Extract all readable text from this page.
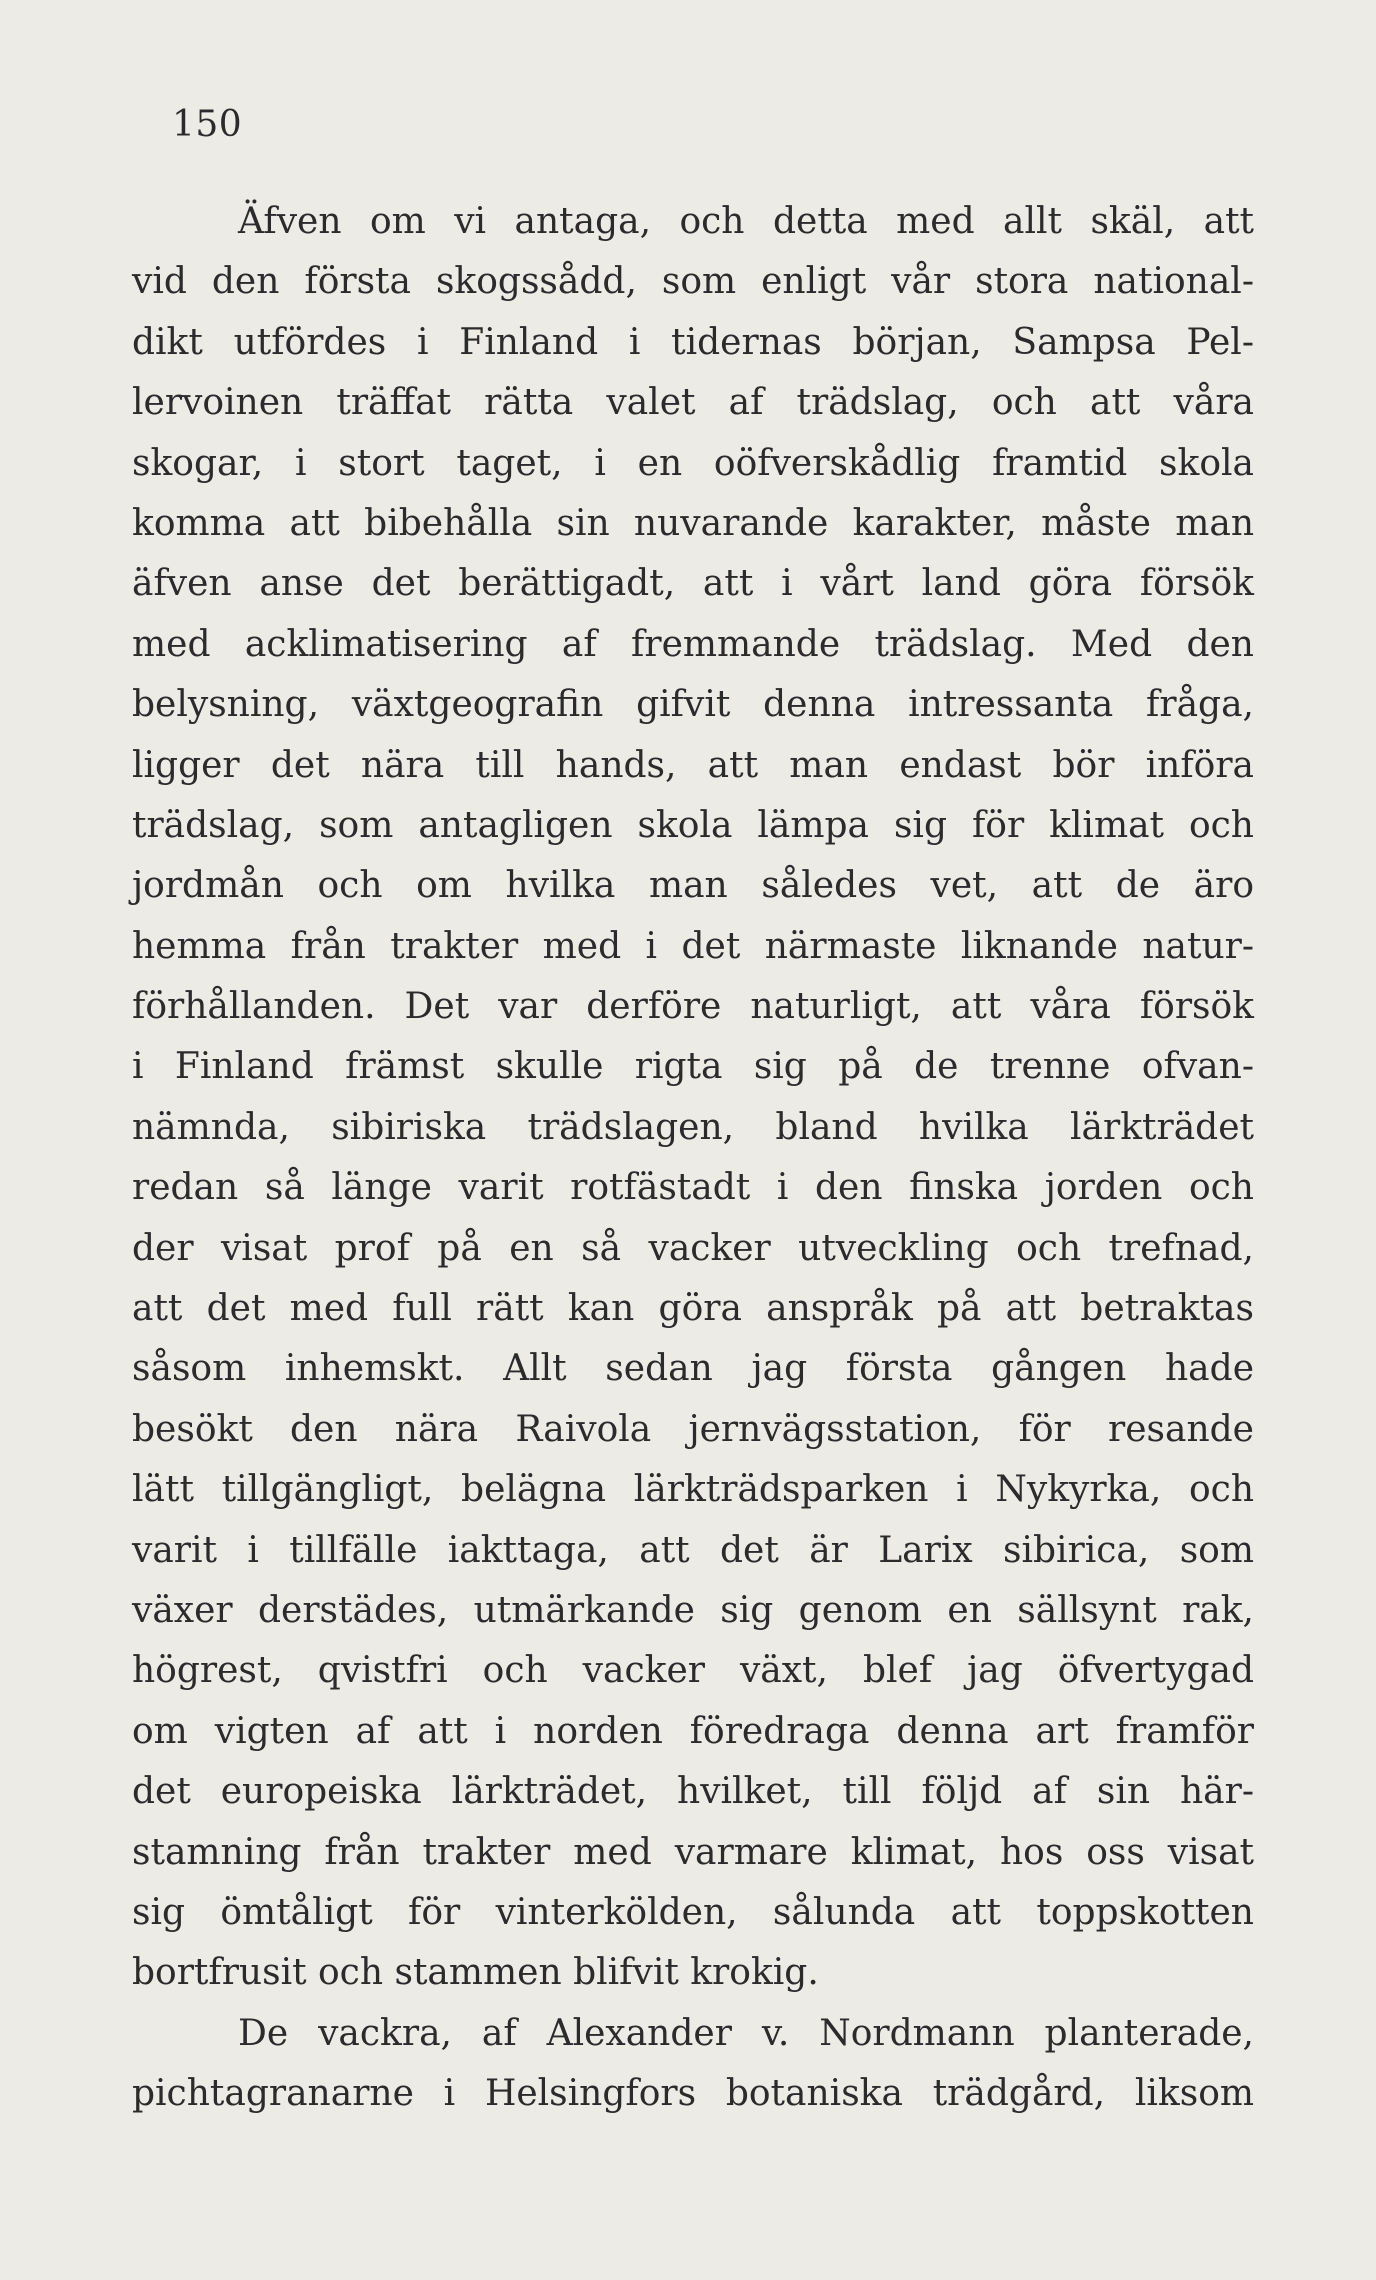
150
Äfven om vi antaga, och detta med allt skäl, att
vid den första skogssådd, som enligt vår stora national-
dikt utfördes i Finland i tidernas början, Sampsa Pel-
lervoinen träffat rätta valet af trädslag, och att våra
skogar, i stort taget, i en oöfverskådlig framtid skola
komma att bibehålla sin nuvarande karakter, måste man
äfven anse det berättigadt, att i vårt land göra försök
med acklimatisering af fremmande trädslag. Med den
belysning, växtgeografin gifvit denna intressanta fråga,
ligger det nära till hands, att man endast bör införa
trädslag, som antagligen skola lämpa sig för klimat och
jordmån och om hvilka man således vet, att de äro
hemma från trakter med i det närmaste liknande natur-
förhållanden. Det var derföre naturligt, att våra försök
i Finland främst skulle rigta sig på de trenne ofvan-
nämnda, sibiriska trädslagen, bland hvilka lärkträdet
redan så länge varit rotfästadt i den finska jorden och
der visat prof på en så vacker utveckling och trefnad,
att det med full rätt kan göra anspråk på att betraktas
såsom inhemskt. Allt sedan jag första gången hade
besökt den nära Raivola jernvägsstation, för resande
lätt tillgängligt, belägna lärkträdsparken i Nykyrka, och
varit i tillfälle iakttaga, att det är Larix sibirica, som
växer derstädes, utmärkande sig genom en sällsynt rak,
högrest, qvistfri och vacker växt, blef jag öfvertygad
om vigten af att i norden föredraga denna art framför
det europeiska lärkträdet, hvilket, till följd af sin här-
stamning från trakter med varmare klimat, hos oss visat
sig ömtåligt för vinterkölden, sålunda att toppskotten
bortfrusit och stammen blifvit krokig.
De vackra, af Alexander v. Nordmann planterade,
pichtagranarne i Helsingfors botaniska trädgård, liksom
